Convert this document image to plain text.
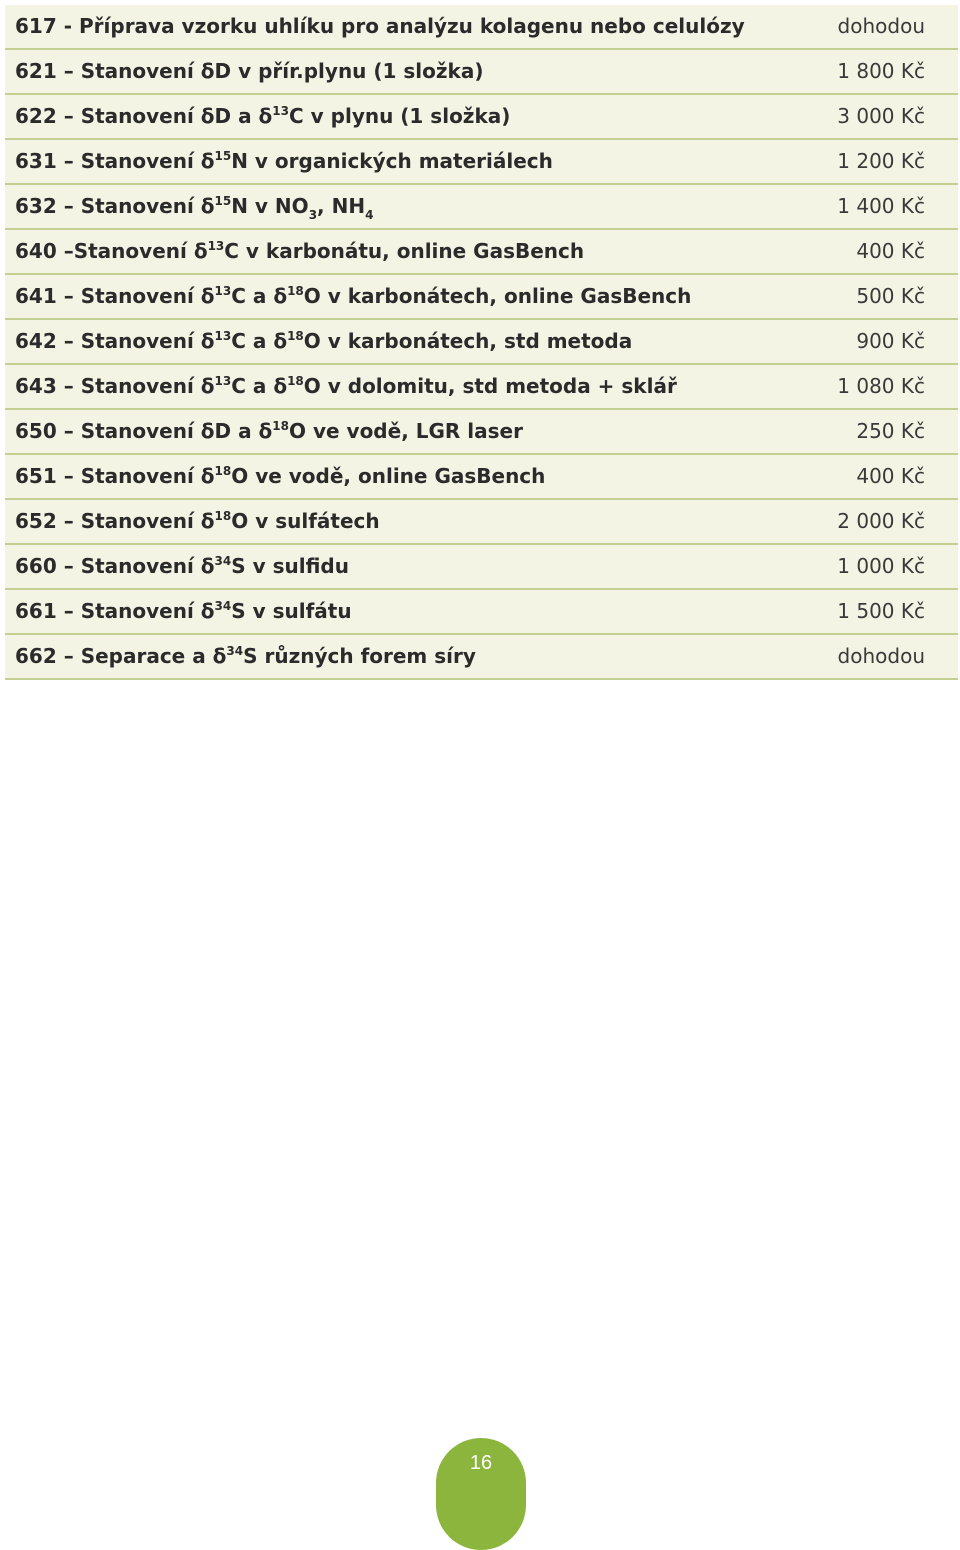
617 - Příprava vzorku uhlíku pro analýzu kolagenu nebo celulózy	dohodou
621 – Stanovení δD v přír.plynu (1 složka)	1 800 Kč
622 – Stanovení δD a $\delta^{13}C$ v plynu (1 složka)	3 000 Kč
631 – Stanovení $\delta^{15}N$ v organických materiálech	1 200 Kč
632 – Stanovení $\delta^{15}N$ v $NO_3$, $NH_4$	1 400 Kč
640 –Stanovení $\delta^{13}C$ v karbonátu, online GasBench	400 Kč
641 – Stanovení $\delta^{13}C$ a $\delta^{18}O$ v karbonátech, online GasBench	500 Kč
642 – Stanovení $\delta^{13}C$ a $\delta^{18}O$ v karbonátech, std metoda	900 Kč
643 – Stanovení $\delta^{13}C$ a $\delta^{18}O$ v dolomitu, std metoda + sklář	1 080 Kč
650 – Stanovení δD a $\delta^{18}O$ ve vodě, LGR laser	250 Kč
651 – Stanovení $\delta^{18}O$ ve vodě, online GasBench	400 Kč
652 – Stanovení $\delta^{18}O$ v sulfátech	2 000 Kč
660 – Stanovení $\delta^{34}S$ v sulfidu	1 000 Kč
661 – Stanovení $\delta^{34}S$ v sulfátu	1 500 Kč
662 – Separace a $\delta^{34}S$ různých forem síry	dohodou
16
